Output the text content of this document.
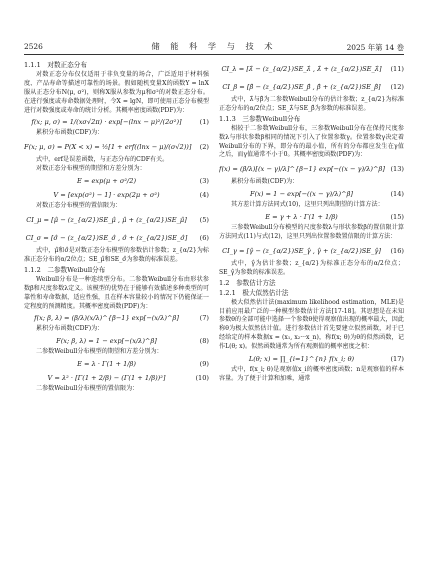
储 能 科 学 与 技 术
2526	2025 年第 14 卷
1.1.1　对数正态分布
对数正态分布仅仅适用于非负变量的场合，广泛适用于材料强度、产品寿命等描述可靠性的场景。假如随机变量X的函数Y = lnX服从正态分布N(μ, σ²)，则称X服从参数为μ和σ²的对数正态分布。在进行强度或寿命数据处理时，令X = lgN，即可使用正态分布模型进行对数强度或寿命的统计分析。其概率密度函数(PDF)为：
f(x; μ, σ) = 1/(xσ√2π) · exp[−(lnx − μ)²/(2σ²)]	(1)
累积分布函数(CDF)为：
F(x; μ, σ) = P(X < x) = ½[1 + erf((lnx − μ)/(σ√2))] (2)
式中，erf是误差函数，与正态分布的CDF有关。
对数正态分布模型的期望和方差分别为：
E = exp(μ + σ²/2)	(3)
V = [exp(σ²) − 1] · exp(2μ + σ²)	(4)
对数正态分布模型的置信限为：
CI_μ = [μ̂ − (z_{α/2})SE_μ̂ , μ̂ + (z_{α/2})SE_μ̂]	(5)
CI_σ = [σ̂ − (z_{α/2})SE_σ̂ , σ̂ + (z_{α/2})SE_σ̂] (6)
式中，μ̂和σ̂是对数正态分布模型的参数估计参数；z_{α/2}为标准正态分布的α/2位点；SE_μ̂和SE_σ̂为参数的标准误差。
1.1.2　二参数Weibull分布
Weibull分布是一种连续型分布。二参数Weibull分布由形状参数β和尺度参数λ定义。该模型的优势在于能够有效描述多种类型的可靠性和寿命数据，适应性强，且在样本容量较小的情况下仍能保证一定程度的预测精度。其概率密度函数(PDF)为：
f(x; β, λ) = (β/λ)(x/λ)^{β−1} exp[−(x/λ)^β]	(7)
累积分布函数(CDF)为：
F(x; β, λ) = 1 − exp[−(x/λ)^β]	(8)
二参数Weibull分布模型的期望和方差分别为：
E = λ · Γ(1 + 1/β)	(9)
V = λ² · [Γ(1 + 2/β) − (Γ(1 + 1/β))²]	(10)
二参数Weibull分布模型的置信限为：
CI_λ = [λ̂ − (z_{α/2})SE_λ̂ , λ̂ + (z_{α/2})SE_λ̂]	(11)
CI_β = [β̂ − (z_{α/2})SE_β̂ , β̂ + (z_{α/2})SE_β̂]	(12)
式中，λ̂与β̂为二参数Weibull分布的估计参数；z_{α/2}为标准正态分布的α/2位点；SE_λ̂与SE_β̂为参数的标准误差。
1.1.3　三参数Weibull分布
相较于二参数Weibull分布，三参数Weibull分布在保持尺度参数λ与形状参数β相同的情况下引入了位置参数γ。位置参数γ决定着Weibull分布的下界，即分布的最小值，所有的分布都应发生在γ值之后，而γ值通常不小于0。其概率密度函数(PDF)为：
f(x) = (β/λ)[(x − γ)/λ]^{β−1} exp[−((x − γ)/λ)^β] (13)
累积分布函数(CDF)为：
F(x) = 1 − exp[−((x − γ)/λ)^β]	(14)
其方差计算方法同式(10)，这里只列出期望的计算方法：
E = γ + λ · Γ(1 + 1/β)	(15)
三参数Weibull分布模型的尺度参数λ与形状参数β的置信限计算方法同式(11)与式(12)，这里只列出位置参数置信限的计算方法：
CI_γ = [γ̂ − (z_{α/2})SE_γ̂ , γ̂ + (z_{α/2})SE_γ̂]	(16)
式中，γ̂为估计参数；z_{α/2}为标准正态分布的α/2位点；SE_γ̂为参数的标准误差。
1.2　参数估计方法
1.2.1　极大似然估计法
极大似然估计法(maximum likelihood estimation，MLE)是目前应用最广泛的一种模型参数估计方法[17-18]。其思想是在未知参数θ的全部可能中选择一个参数θ使得观察值出现的概率最大，因此称θ为极大似然估计值。进行参数估计首先要建立似然函数，对于已经给定的样本数据x = (x₁, x₂···x_n)，称f(x; θ)为θ的似然函数，记作L(θ; x)。似然函数通常为所有观测值的概率密度之积：
L(θ; x) = ∏_{i=1}^{n} f(x_i; θ)	(17)
式中，f(x_i; θ)是观察值x_i的概率密度函数；n是观察值的样本容量。为了便于计算和加乘，通常
